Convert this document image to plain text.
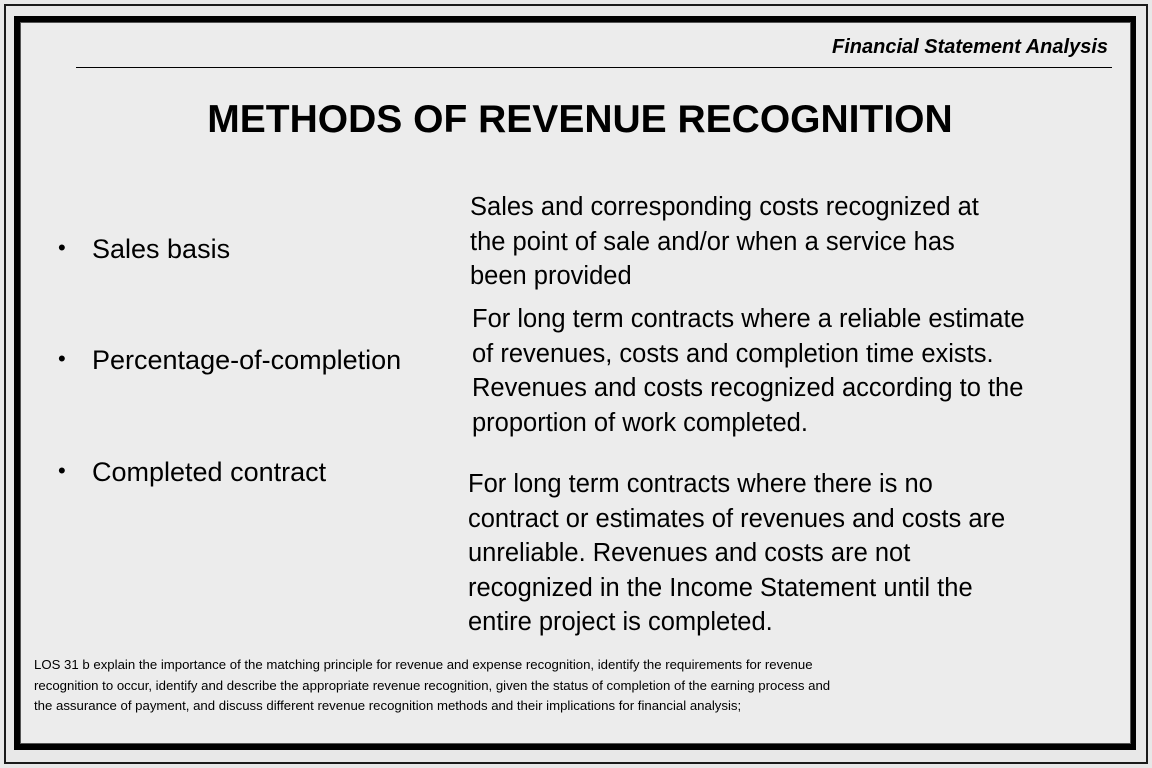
Financial Statement Analysis
METHODS OF REVENUE RECOGNITION
• Sales basis
Sales and corresponding costs recognized at
the point of sale and/or when a service has
been provided
• Percentage-of-completion
For long term contracts where a reliable estimate
of revenues, costs and completion time exists.
Revenues and costs recognized according to the
proportion of work completed.
• Completed contract	For long term contracts where there is no
contract or estimates of revenues and costs are
unreliable. Revenues and costs are not
recognized in the Income Statement until the
entire project is completed.
LOS 31 b explain the importance of the matching principle for revenue and expense recognition, identify the requirements for revenue
recognition to occur, identify and describe the appropriate revenue recognition, given the status of completion of the earning process and
the assurance of payment, and discuss different revenue recognition methods and their implications for financial analysis;
